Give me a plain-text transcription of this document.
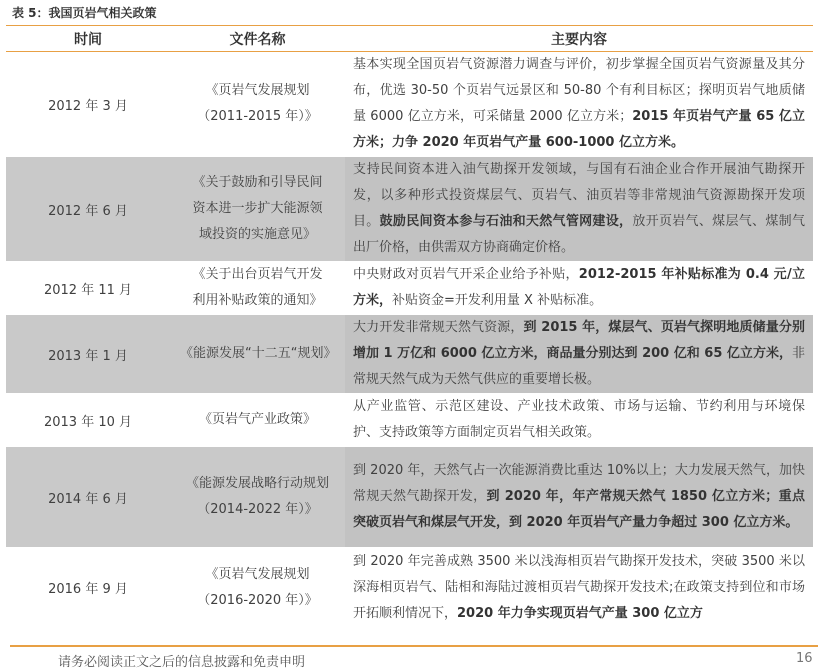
表 5：我国页岩气相关政策
时间	文件名称	主要内容
2012 年 3 月	《页岩气发展规划（2011-2015 年）》	基本实现全国页岩气资源潜力调查与评价，初步掌握全国页岩气资源量及其分布，优选 30-50 个页岩气远景区和 50-80 个有利目标区；探明页岩气地质储量 6000 亿立方米，可采储量 2000 亿立方米；2015 年页岩气产量 65 亿立方米；力争 2020 年页岩气产量 600-1000 亿立方米。
2012 年 6 月	《关于鼓励和引导民间资本进一步扩大能源领域投资的实施意见》	支持民间资本进入油气勘探开发领域，与国有石油企业合作开展油气勘探开发，以多种形式投资煤层气、页岩气、油页岩等非常规油气资源勘探开发项目。鼓励民间资本参与石油和天然气管网建设，放开页岩气、煤层气、煤制气出厂价格，由供需双方协商确定价格。
2012 年 11 月	《关于出台页岩气开发利用补贴政策的通知》	中央财政对页岩气开采企业给予补贴，2012-2015 年补贴标准为 0.4 元/立方米，补贴资金=开发利用量 X 补贴标准。
2013 年 1 月	《能源发展“十二五“规划》	大力开发非常规天然气资源，到 2015 年，煤层气、页岩气探明地质储量分别增加 1 万亿和 6000 亿立方米，商品量分别达到 200 亿和 65 亿立方米，非常规天然气成为天然气供应的重要增长极。
2013 年 10 月	《页岩气产业政策》	从产业监管、示范区建设、产业技术政策、市场与运输、节约利用与环境保护、支持政策等方面制定页岩气相关政策。
2014 年 6 月	《能源发展战略行动规划（2014-2022 年）》	到 2020 年，天然气占一次能源消费比重达 10%以上；大力发展天然气，加快常规天然气勘探开发，到 2020 年，年产常规天然气 1850 亿立方米；重点突破页岩气和煤层气开发，到 2020 年页岩气产量力争超过 300 亿立方米。
2016 年 9 月	《页岩气发展规划（2016-2020 年）》	到 2020 年完善成熟 3500 米以浅海相页岩气勘探开发技术，突破 3500 米以深海相页岩气、陆相和海陆过渡相页岩气勘探开发技术;在政策支持到位和市场开拓顺利情况下，2020 年力争实现页岩气产量 300 亿立方
请务必阅读正文之后的信息披露和免责申明	16
